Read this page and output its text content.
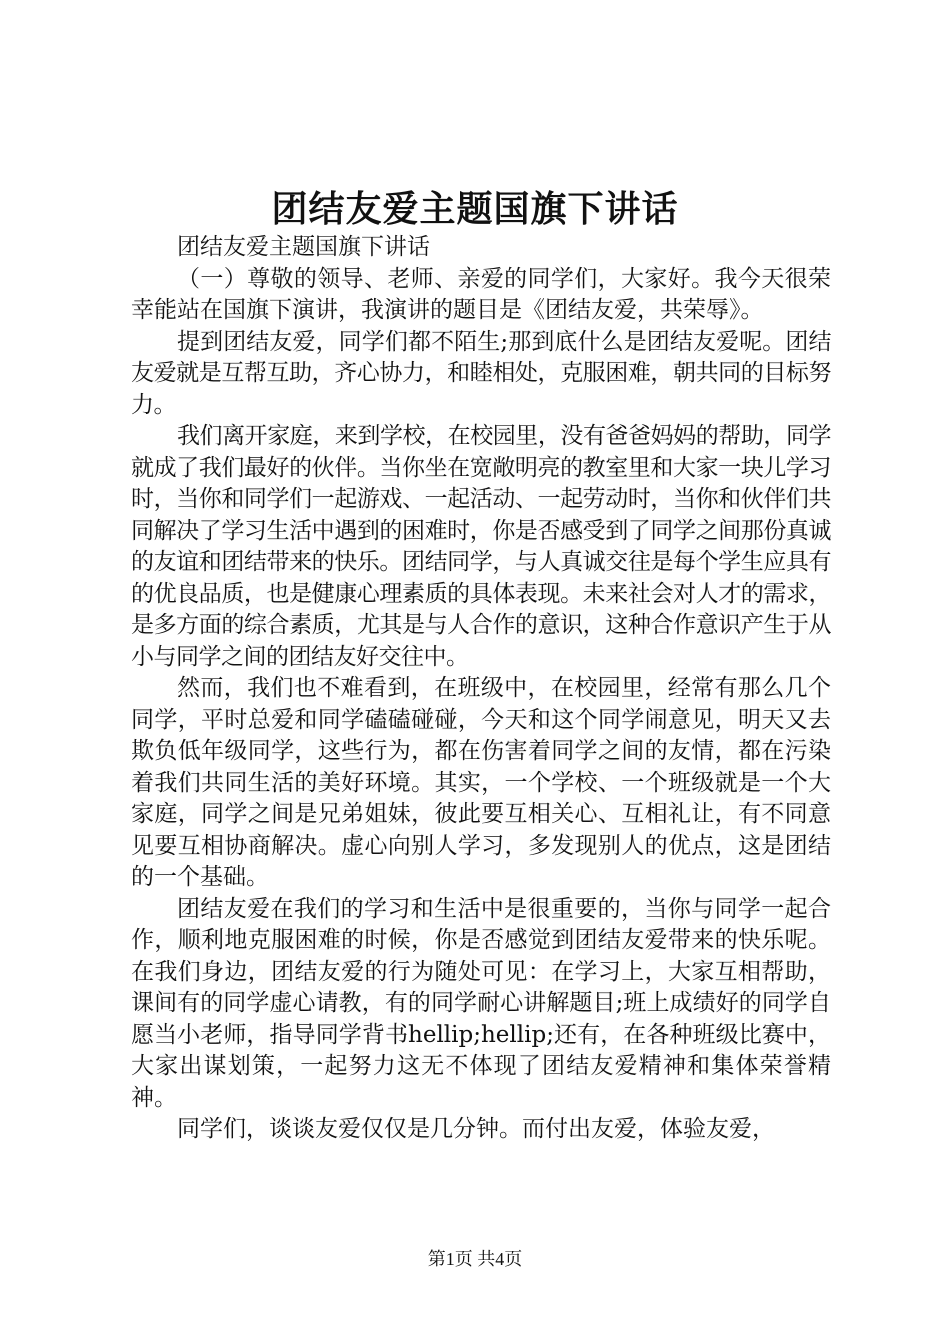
团结友爱主题国旗下讲话

团结友爱主题国旗下讲话

（一）尊敬的领导、老师、亲爱的同学们，大家好。我今天很荣幸能站在国旗下演讲，我演讲的题目是《团结友爱，共荣辱》。

提到团结友爱，同学们都不陌生;那到底什么是团结友爱呢。团结友爱就是互帮互助，齐心协力，和睦相处，克服困难，朝共同的目标努力。

我们离开家庭，来到学校，在校园里，没有爸爸妈妈的帮助，同学就成了我们最好的伙伴。当你坐在宽敞明亮的教室里和大家一块儿学习时，当你和同学们一起游戏、一起活动、一起劳动时，当你和伙伴们共同解决了学习生活中遇到的困难时，你是否感受到了同学之间那份真诚的友谊和团结带来的快乐。团结同学，与人真诚交往是每个学生应具有的优良品质，也是健康心理素质的具体表现。未来社会对人才的需求，是多方面的综合素质，尤其是与人合作的意识，这种合作意识产生于从小与同学之间的团结友好交往中。

然而，我们也不难看到，在班级中，在校园里，经常有那么几个同学，平时总爱和同学磕磕碰碰，今天和这个同学闹意见，明天又去欺负低年级同学，这些行为，都在伤害着同学之间的友情，都在污染着我们共同生活的美好环境。其实，一个学校、一个班级就是一个大家庭，同学之间是兄弟姐妹，彼此要互相关心、互相礼让，有不同意见要互相协商解决。虚心向别人学习，多发现别人的优点，这是团结的一个基础。

团结友爱在我们的学习和生活中是很重要的，当你与同学一起合作，顺利地克服困难的时候，你是否感觉到团结友爱带来的快乐呢。在我们身边，团结友爱的行为随处可见：在学习上，大家互相帮助，课间有的同学虚心请教，有的同学耐心讲解题目;班上成绩好的同学自愿当小老师，指导同学背书hellip;hellip;还有，在各种班级比赛中，大家出谋划策，一起努力这无不体现了团结友爱精神和集体荣誉精神。

同学们，谈谈友爱仅仅是几分钟。而付出友爱，体验友爱，

第1页 共4页
